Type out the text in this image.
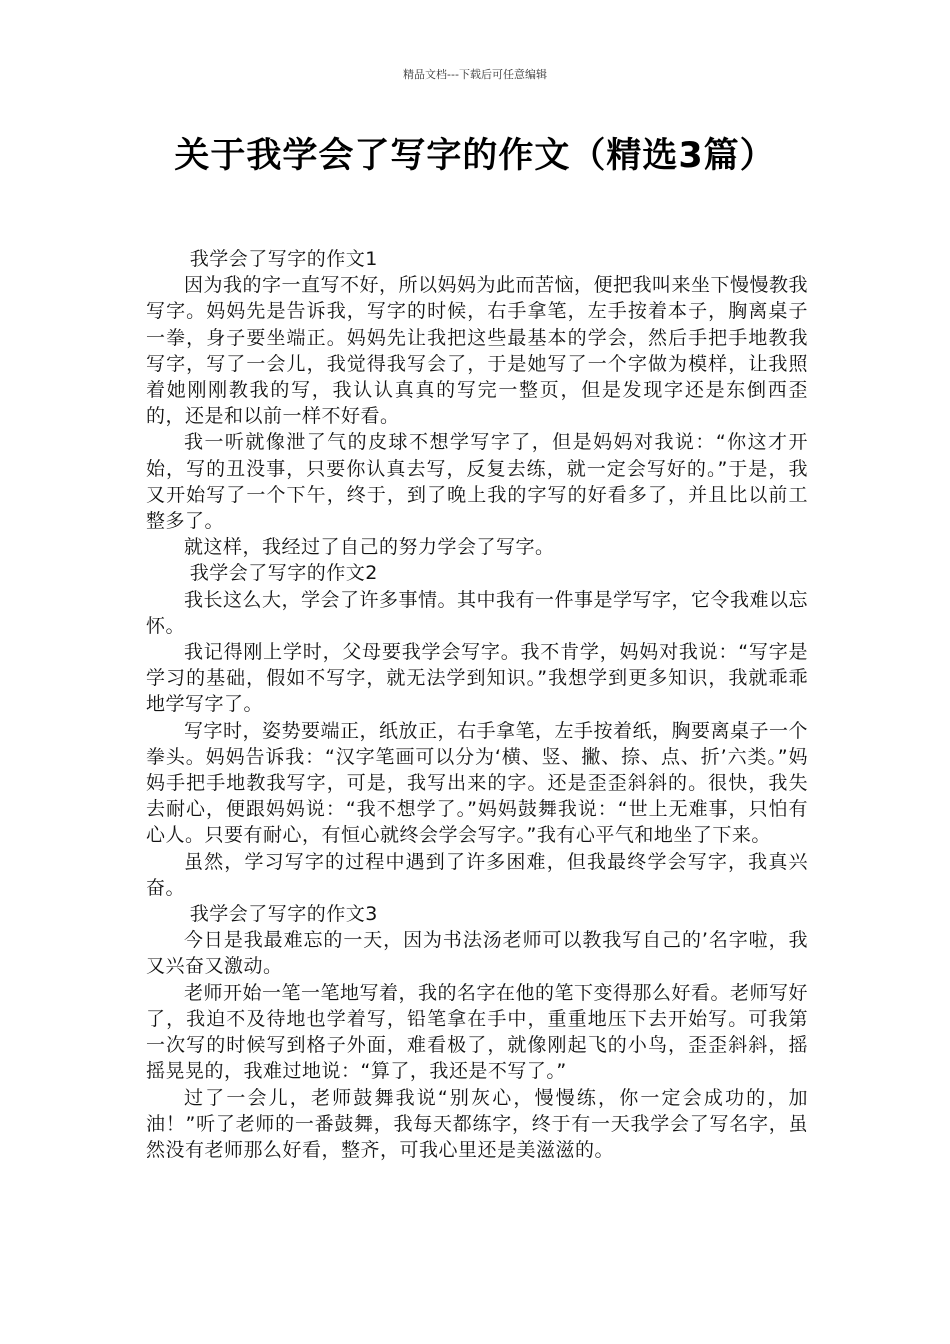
精品文档---下载后可任意编辑
关于我学会了写字的作文（精选3篇）

我学会了写字的作文1

因为我的字一直写不好，所以妈妈为此而苦恼，便把我叫来坐下慢慢教我写字。妈妈先是告诉我，写字的时候，右手拿笔，左手按着本子，胸离桌子一拳，身子要坐端正。妈妈先让我把这些最基本的学会，然后手把手地教我写字，写了一会儿，我觉得我写会了，于是她写了一个字做为模样，让我照着她刚刚教我的写，我认认真真的写完一整页，但是发现字还是东倒西歪的，还是和以前一样不好看。

我一听就像泄了气的皮球不想学写字了，但是妈妈对我说：“你这才开始，写的丑没事，只要你认真去写，反复去练，就一定会写好的。”于是，我又开始写了一个下午，终于，到了晚上我的字写的好看多了，并且比以前工整多了。

就这样，我经过了自己的努力学会了写字。

我学会了写字的作文2

我长这么大，学会了许多事情。其中我有一件事是学写字，它令我难以忘怀。

我记得刚上学时，父母要我学会写字。我不肯学，妈妈对我说：“写字是学习的基础，假如不写字，就无法学到知识。”我想学到更多知识，我就乖乖地学写字了。

写字时，姿势要端正，纸放正，右手拿笔，左手按着纸，胸要离桌子一个拳头。妈妈告诉我：“汉字笔画可以分为‘横、竖、撇、捺、点、折’六类。”妈妈手把手地教我写字，可是，我写出来的字。还是歪歪斜斜的。很快，我失去耐心，便跟妈妈说：“我不想学了。”妈妈鼓舞我说：“世上无难事，只怕有心人。只要有耐心，有恒心就终会学会写字。”我有心平气和地坐了下来。

虽然，学习写字的过程中遇到了许多困难，但我最终学会写字，我真兴奋。

我学会了写字的作文3

今日是我最难忘的一天，因为书法汤老师可以教我写自己的’名字啦，我又兴奋又激动。

老师开始一笔一笔地写着，我的名字在他的笔下变得那么好看。老师写好了，我迫不及待地也学着写，铅笔拿在手中，重重地压下去开始写。可我第一次写的时候写到格子外面，难看极了，就像刚起飞的小鸟，歪歪斜斜，摇摇晃晃的，我难过地说：“算了，我还是不写了。”

过了一会儿，老师鼓舞我说“别灰心，慢慢练，你一定会成功的，加油！”听了老师的一番鼓舞，我每天都练字，终于有一天我学会了写名字，虽然没有老师那么好看，整齐，可我心里还是美滋滋的。
